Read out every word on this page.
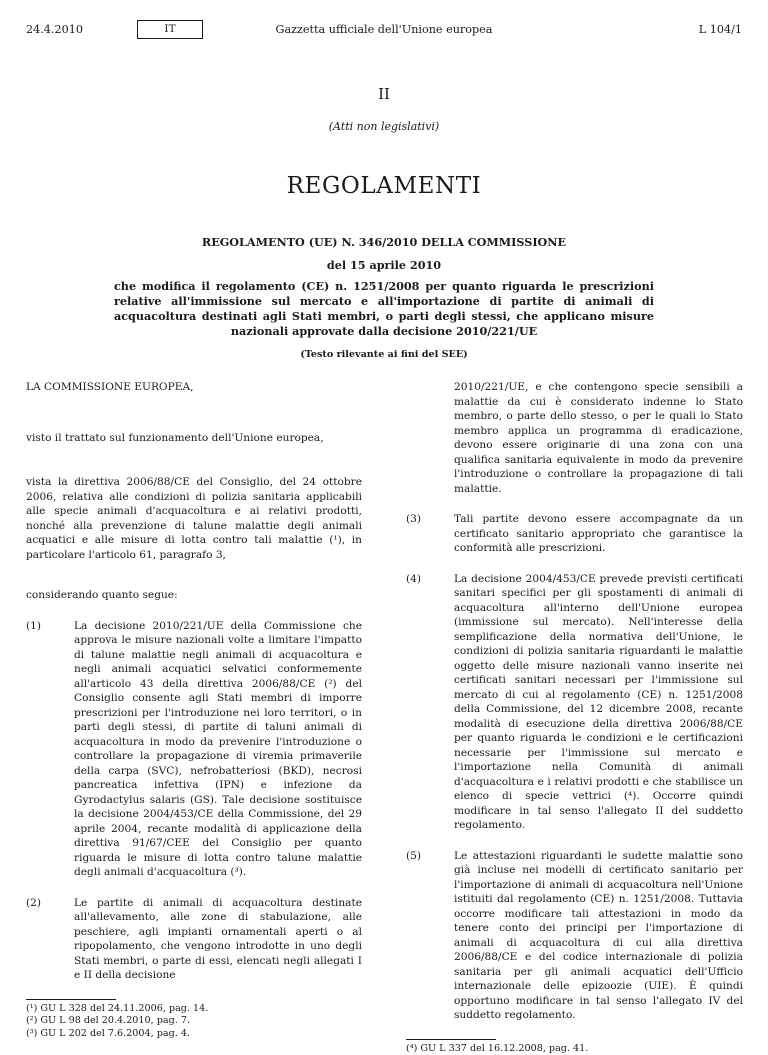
24.4.2010	IT	Gazzetta ufficiale dell'Unione europea	L 104/1
II
(Atti non legislativi)
REGOLAMENTI
REGOLAMENTO (UE) N. 346/2010 DELLA COMMISSIONE
del 15 aprile 2010
che modifica il regolamento (CE) n. 1251/2008 per quanto riguarda le prescrizioni relative all'immissione sul mercato e all'importazione di partite di animali di acquacoltura destinati agli Stati membri, o parti degli stessi, che applicano misure nazionali approvate dalla decisione 2010/221/UE
(Testo rilevante ai fini del SEE)
LA COMMISSIONE EUROPEA,
visto il trattato sul funzionamento dell'Unione europea,
vista la direttiva 2006/88/CE del Consiglio, del 24 ottobre 2006, relativa alle condizioni di polizia sanitaria applicabili alle specie animali d'acquacoltura e ai relativi prodotti, nonché alla prevenzione di talune malattie degli animali acquatici e alle misure di lotta contro tali malattie (¹), in particolare l'articolo 61, paragrafo 3,
considerando quanto segue:
(1)	La decisione 2010/221/UE della Commissione che approva le misure nazionali volte a limitare l'impatto di talune malattie negli animali di acquacoltura e negli animali acquatici selvatici conformemente all'articolo 43 della direttiva 2006/88/CE (²) del Consiglio consente agli Stati membri di imporre prescrizioni per l'introduzione nei loro territori, o in parti degli stessi, di partite di taluni animali di acquacoltura in modo da prevenire l'introduzione o controllare la propagazione di viremia primaverile della carpa (SVC), nefrobatteriosi (BKD), necrosi pancreatica infettiva (IPN) e infezione da Gyrodactylus salaris (GS). Tale decisione sostituisce la decisione 2004/453/CE della Commissione, del 29 aprile 2004, recante modalità di applicazione della direttiva 91/67/CEE del Consiglio per quanto riguarda le misure di lotta contro talune malattie degli animali d'acquacoltura (³).
(2)	Le partite di animali di acquacoltura destinate all'allevamento, alle zone di stabulazione, alle peschiere, agli impianti ornamentali aperti o al ripopolamento, che vengono introdotte in uno degli Stati membri, o parte di essi, elencati negli allegati I e II della decisione
(¹) GU L 328 del 24.11.2006, pag. 14.
(²) GU L 98 del 20.4.2010, pag. 7.
(³) GU L 202 del 7.6.2004, pag. 4.
2010/221/UE, e che contengono specie sensibili a malattie da cui è considerato indenne lo Stato membro, o parte dello stesso, o per le quali lo Stato membro applica un programma di eradicazione, devono essere originarie di una zona con una qualifica sanitaria equivalente in modo da prevenire l'introduzione o controllare la propagazione di tali malattie.
(3)	Tali partite devono essere accompagnate da un certificato sanitario appropriato che garantisce la conformità alle prescrizioni.
(4)	La decisione 2004/453/CE prevede previsti certificati sanitari specifici per gli spostamenti di animali di acquacoltura all'interno dell'Unione europea (immissione sul mercato). Nell'interesse della semplificazione della normativa dell'Unione, le condizioni di polizia sanitaria riguardanti le malattie oggetto delle misure nazionali vanno inserite nei certificati sanitari necessari per l'immissione sul mercato di cui al regolamento (CE) n. 1251/2008 della Commissione, del 12 dicembre 2008, recante modalità di esecuzione della direttiva 2006/88/CE per quanto riguarda le condizioni e le certificazioni necessarie per l'immissione sul mercato e l'importazione nella Comunità di animali d'acquacoltura e i relativi prodotti e che stabilisce un elenco di specie vettrici (⁴). Occorre quindi modificare in tal senso l'allegato II del suddetto regolamento.
(5)	Le attestazioni riguardanti le sudette malattie sono già incluse nei modelli di certificato sanitario per l'importazione di animali di acquacoltura nell'Unione istituiti dal regolamento (CE) n. 1251/2008. Tuttavia occorre modificare tali attestazioni in modo da tenere conto dei principi per l'importazione di animali di acquacoltura di cui alla direttiva 2006/88/CE e del codice internazionale di polizia sanitaria per gli animali acquatici dell'Ufficio internazionale delle epizoozie (UIE). È quindi opportuno modificare in tal senso l'allegato IV del suddetto regolamento.
(⁴) GU L 337 del 16.12.2008, pag. 41.
